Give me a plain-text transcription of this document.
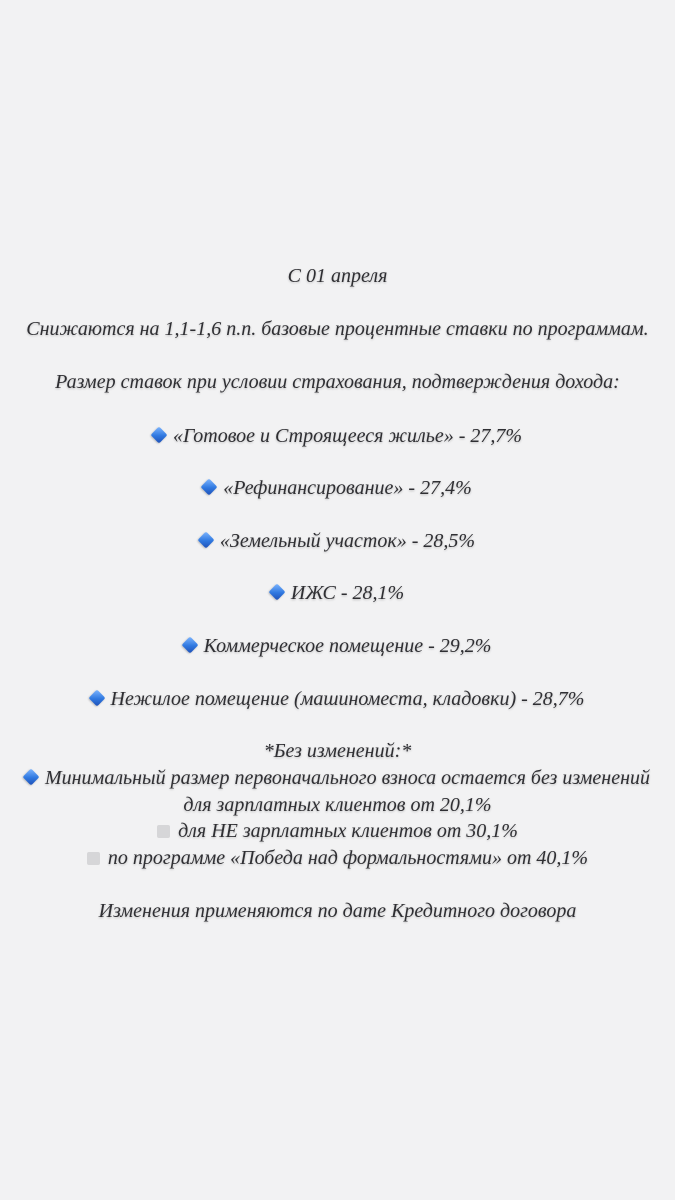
С 01 апреля
Снижаются на 1,1-1,6 п.п. базовые процентные ставки по программам.
Размер ставок при условии страхования, подтверждения дохода:
«Готовое и Строящееся жилье» - 27,7%
«Рефинансирование» - 27,4%
«Земельный участок» - 28,5%
ИЖС - 28,1%
Коммерческое помещение - 29,2%
Нежилое помещение (машиноместа, кладовки) - 28,7%
*Без изменений:*
Минимальный размер первоначального взноса остается без изменений
для зарплатных клиентов от 20,1%
для НЕ зарплатных клиентов от 30,1%
по программе «Победа над формальностями» от 40,1%
Изменения применяются по дате Кредитного договора
